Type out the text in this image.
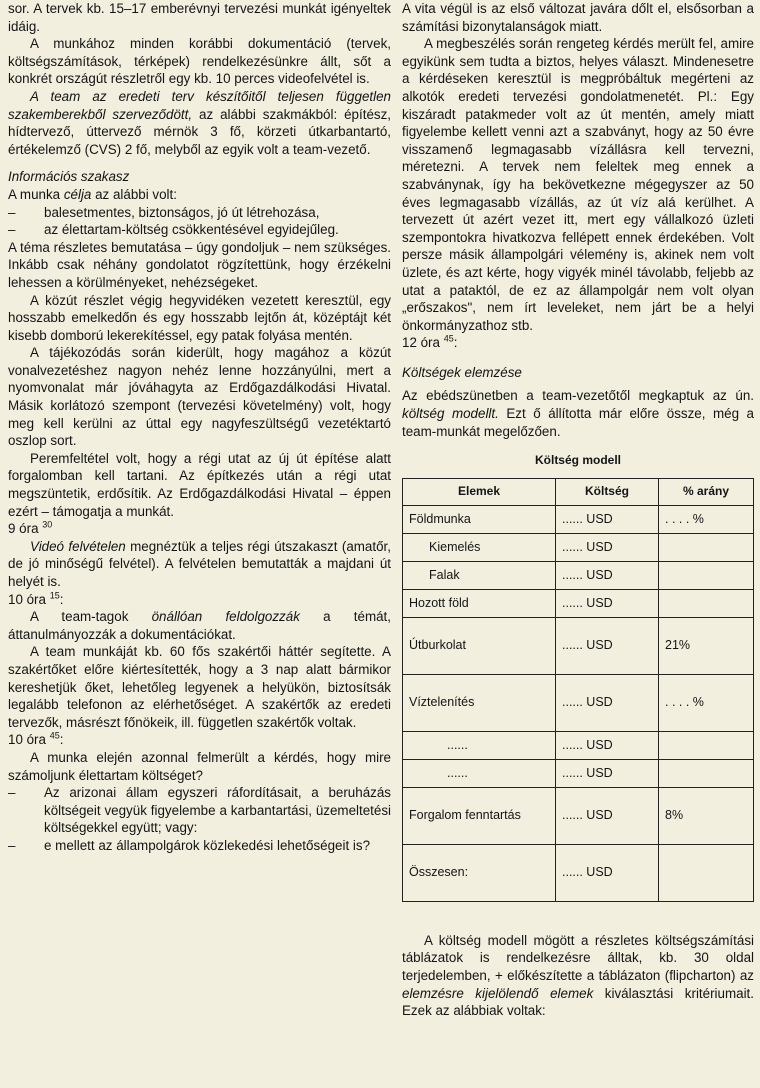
sor. A tervek kb. 15–17 emberévnyi tervezési munkát igényeltek idáig.

A munkához minden korábbi dokumentáció (tervek, költségszámítások, térképek) rendelkezésünkre állt, sőt a konkrét országút részletről egy kb. 10 perces videofelvétel is.

A team az eredeti terv készítőitől teljesen független szakemberekből szerveződött, az alábbi szakmákból: építész, hídtervező, úttervező mérnök 3 fő, körzeti útkarbantartó, értékelemző (CVS) 2 fő, melyből az egyik volt a team-vezető.

Információs szakasz

A munka célja az alábbi volt:

– balesetmentes, biztonságos, jó út létrehozása,
– az élettartam-költség csökkentésével egyidejűleg.

A téma részletes bemutatása – úgy gondoljuk – nem szükséges. Inkább csak néhány gondolatot rögzítettünk, hogy érzékelni lehessen a körülményeket, nehézségeket.

A közút részlet végig hegyvidéken vezetett keresztül, egy hosszabb emelkedőn és egy hosszabb lejtőn át, középtájt két kisebb domború lekerekítéssel, egy patak folyása mentén.

A tájékozódás során kiderült, hogy magához a közút vonalvezetéshez nagyon nehéz lenne hozzányúlni, mert a nyomvonalat már jóváhagyta az Erdőgazdálkodási Hivatal. Másik korlátozó szempont (tervezési követelmény) volt, hogy meg kell kerülni az úttal egy nagyfeszültségű vezetéktartó oszlop sort.

Peremfeltétel volt, hogy a régi utat az új út építése alatt forgalomban kell tartani. Az építkezés után a régi utat megszüntetik, erdősítik. Az Erdőgazdálkodási Hivatal – éppen ezért – támogatja a munkát.

9 óra $^{30}$

Videó felvételen megnéztük a teljes régi útszakaszt (amatőr, de jó minőségű felvétel). A felvételen bemutatták a majdani út helyét is.

10 óra $^{15}$:

A team-tagok önállóan feldolgozzák a témát, áttanulmányozzák a dokumentációkat.

A team munkáját kb. 60 fős szakértői háttér segítette. A szakértőket előre kiértesítették, hogy a 3 nap alatt bármikor kereshetjük őket, lehetőleg legyenek a helyükön, biztosítsák legalább telefonon az elérhetőséget. A szakértők az eredeti tervezők, másrészt főnökeik, ill. független szakértők voltak.

10 óra $^{45}$:

A munka elején azonnal felmerült a kérdés, hogy mire számoljunk élettartam költséget?

– Az arizonai állam egyszeri ráfordításait, a beruházás költségeit vegyük figyelembe a karbantartási, üzemeltetési költségekkel együtt; vagy:
– e mellett az állampolgárok közlekedési lehetőségeit is?

A vita végül is az első változat javára dőlt el, elsősorban a számítási bizonytalanságok miatt.

A megbeszélés során rengeteg kérdés merült fel, amire egyikünk sem tudta a biztos, helyes választ. Mindenesetre a kérdéseken keresztül is megpróbáltuk megérteni az alkotók eredeti tervezési gondolatmenetét. Pl.: Egy kiszáradt patakmeder volt az út mentén, amely miatt figyelembe kellett venni azt a szabványt, hogy az 50 évre visszamenő legmagasabb vízállásra kell tervezni, méretezni. A tervek nem feleltek meg ennek a szabványnak, így ha bekövetkezne mégegyszer az 50 éves legmagasabb vízállás, az út víz alá kerülhet. A tervezett út azért vezet itt, mert egy vállalkozó üzleti szempontokra hivatkozva fellépett ennek érdekében. Volt persze másik állampolgári vélemény is, akinek nem volt üzlete, és azt kérte, hogy vigyék minél távolabb, feljebb az utat a pataktól, de ez az állampolgár nem volt olyan „erőszakos", nem írt leveleket, nem járt be a helyi önkormányzathoz stb.

12 óra $^{45}$:

Költségek elemzése

Az ebédszünetben a team-vezetőtől megkaptuk az ún. költség modellt. Ezt ő állította már előre össze, még a team-munkát megelőzően.

Költség modell
Elemek	Költség	% arány
Földmunka	...... USD	. . . . %
Kiemelés	...... USD	
Falak	...... USD	
Hozott föld	...... USD	
Útburkolat	...... USD	21%
Víztelenítés	...... USD	. . . . %
......	...... USD	
......	...... USD	
Forgalom fenntartás	...... USD	8%
Összesen:	...... USD	

A költség modell mögött a részletes költségszámítási táblázatok is rendelkezésre álltak, kb. 30 oldal terjedelemben, + előkészítette a táblázaton (flipcharton) az elemzésre kijelölendő elemek kiválasztási kritériumait. Ezek az alábbiak voltak:
